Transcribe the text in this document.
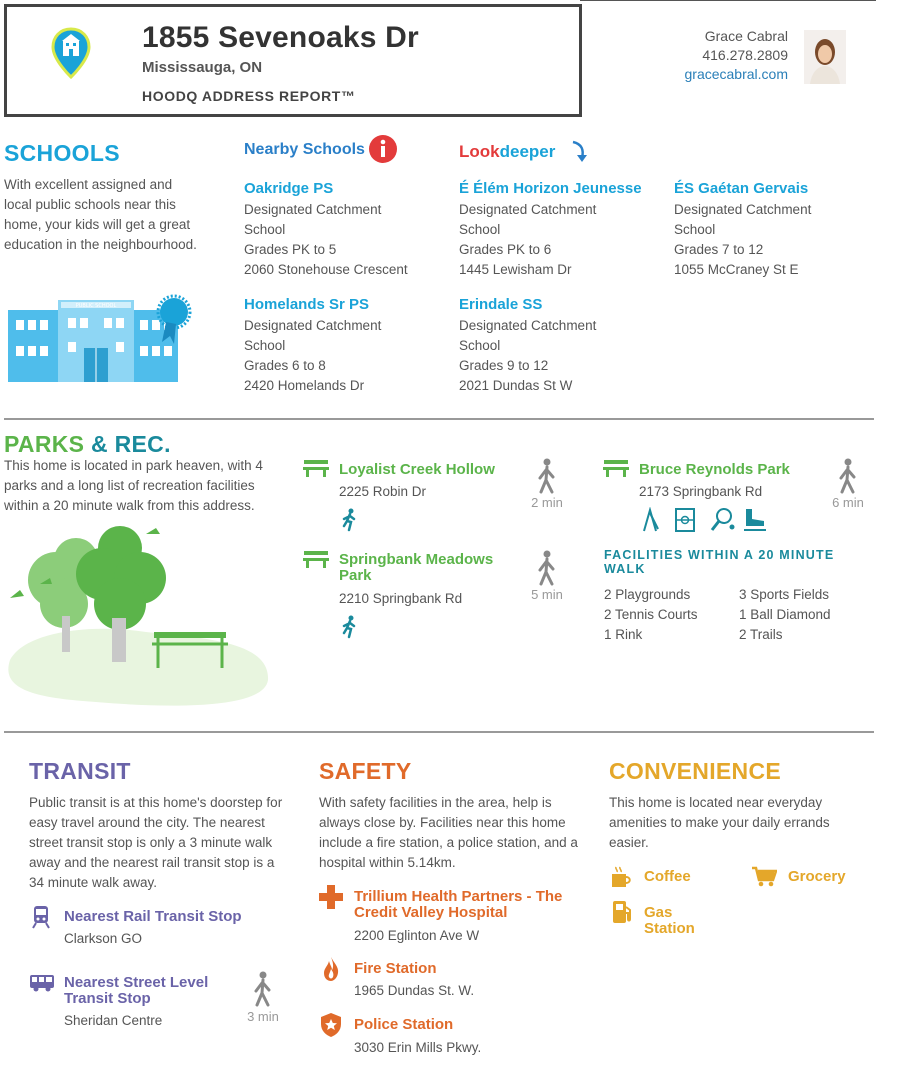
1855 Sevenoaks Dr
Mississauga, ON
HOODQ ADDRESS REPORT™
Grace Cabral
416.278.2809
gracecabral.com
SCHOOLS
With excellent assigned and local public schools near this home, your kids will get a great education in the neighbourhood.
PUBLIC SCHOOL
Nearby Schools	Lookdeeper
Oakridge PS
Designated Catchment
School
Grades PK to 5
2060 Stonehouse Crescent
É Élém Horizon Jeunesse
Designated Catchment
School
Grades PK to 6
1445 Lewisham Dr
ÉS Gaétan Gervais
Designated Catchment
School
Grades 7 to 12
1055 McCraney St E
Homelands Sr PS
Designated Catchment
School
Grades 6 to 8
2420 Homelands Dr
Erindale SS
Designated Catchment
School
Grades 9 to 12
2021 Dundas St W
PARKS & REC.
This home is located in park heaven, with 4 parks and a long list of recreation facilities within a 20 minute walk from this address.
Loyalist Creek Hollow
2225 Robin Dr
2 min
Springbank Meadows Park
2210 Springbank Rd	5 min
Bruce Reynolds Park
2173 Springbank Rd
6 min
FACILITIES WITHIN A 20 MINUTE WALK
2 Playgrounds	3 Sports Fields
2 Tennis Courts	1 Ball Diamond
1 Rink	2 Trails
TRANSIT
Public transit is at this home's doorstep for easy travel around the city. The nearest street transit stop is only a 3 minute walk away and the nearest rail transit stop is a 34 minute walk away.
Nearest Rail Transit Stop
Clarkson GO
Nearest Street Level
Transit Stop
Sheridan Centre	3 min
SAFETY
With safety facilities in the area, help is always close by. Facilities near this home include a fire station, a police station, and a hospital within 5.14km.
Trillium Health Partners - The
Credit Valley Hospital
2200 Eglinton Ave W
Fire Station
1965 Dundas St. W.
Police Station
3030 Erin Mills Pkwy.
CONVENIENCE
This home is located near everyday amenities to make your daily errands easier.
Coffee	Grocery
Gas
Station
